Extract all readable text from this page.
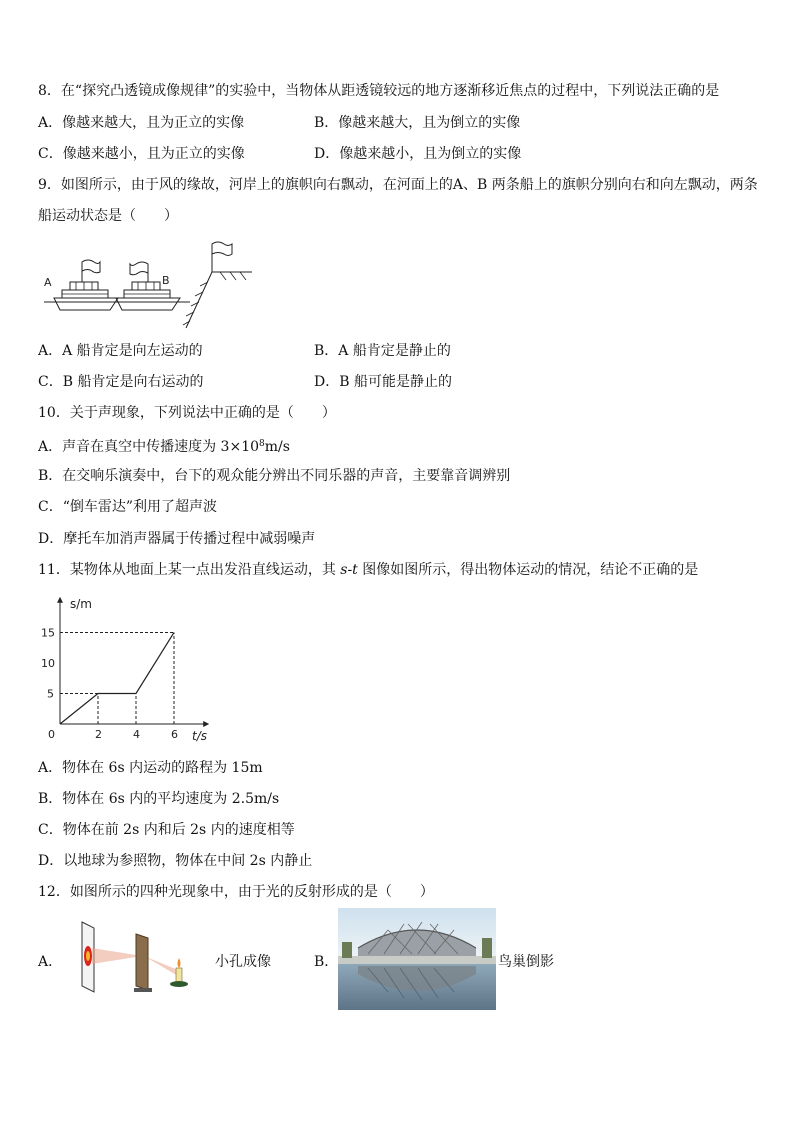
8．在“探究凸透镜成像规律”的实验中，当物体从距透镜较远的地方逐渐移近焦点的过程中，下列说法正确的是
A．像越来越大，且为正立的实像	B．像越来越大，且为倒立的实像
C．像越来越小，且为正立的实像	D．像越来越小，且为倒立的实像
9．如图所示，由于风的缘故，河岸上的旗帜向右飘动，在河面上的A、B 两条船上的旗帜分别向右和向左飘动，两条
船运动状态是（　　）
A	B
A．A 船肯定是向左运动的	B．A 船肯定是静止的
C．B 船肯定是向右运动的	D．B 船可能是静止的
10．关于声现象，下列说法中正确的是（　　）
A．声音在真空中传播速度为 $3\times 10^8m/s$
B．在交响乐演奏中，台下的观众能分辨出不同乐器的声音，主要靠音调辨别
C．“倒车雷达”利用了超声波
D．摩托车加消声器属于传播过程中减弱噪声
11．某物体从地面上某一点出发沿直线运动，其 s-t 图像如图所示，得出物体运动的情况，结论不正确的是
2	4	6
5
10
15
s/m
t/s
0
A．物体在 6s 内运动的路程为 15m
B．物体在 6s 内的平均速度为 2.5m/s
C．物体在前 2s 内和后 2s 内的速度相等
D．以地球为参照物，物体在中间 2s 内静止
12．如图所示的四种光现象中，由于光的反射形成的是（　　）
A．	小孔成像	B．	鸟巢倒影
